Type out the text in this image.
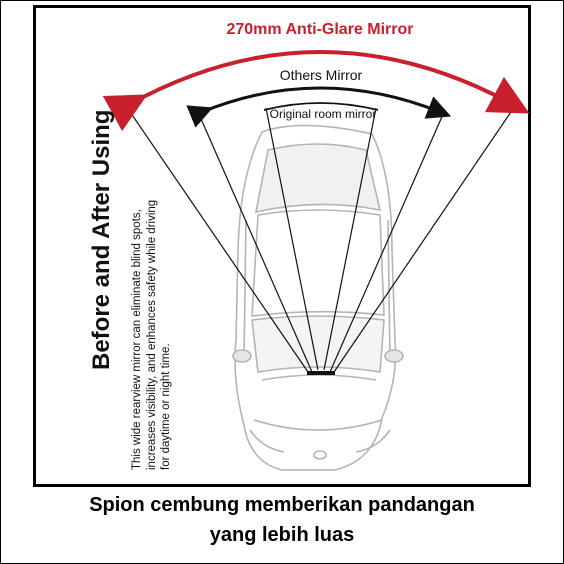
270mm Anti-Glare Mirror
Others Mirror
Original room mirror
Before and After Using This wide rearview mirror can eliminate blind spots, increases visibility, and enhances safety while driving for daytime or night time.
Spion cembung memberikan pandangan
yang lebih luas
